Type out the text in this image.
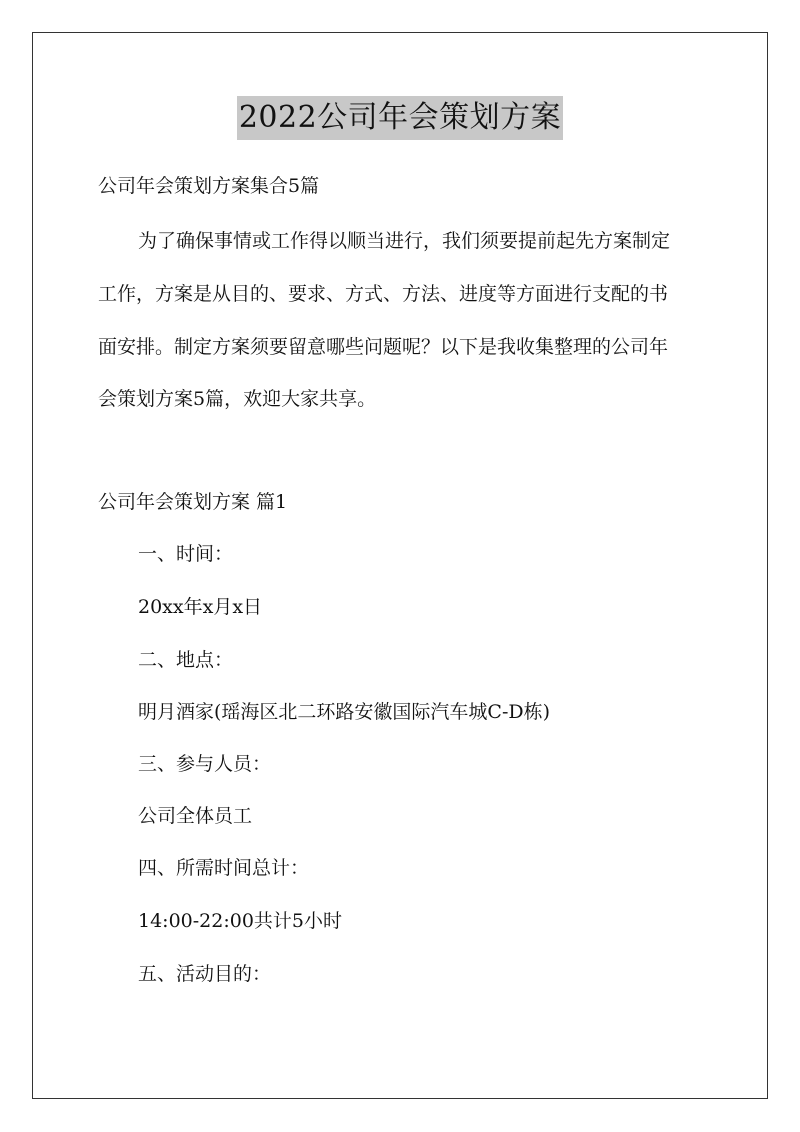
2022公司年会策划方案
公司年会策划方案集合5篇
为了确保事情或工作得以顺当进行，我们须要提前起先方案制定
工作，方案是从目的、要求、方式、方法、进度等方面进行支配的书
面安排。制定方案须要留意哪些问题呢？以下是我收集整理的公司年
会策划方案5篇，欢迎大家共享。
公司年会策划方案 篇1
一、时间：
20xx年x月x日
二、地点：
明月酒家(瑶海区北二环路安徽国际汽车城C-D栋)
三、参与人员：
公司全体员工
四、所需时间总计：
14:00-22:00共计5小时
五、活动目的：
